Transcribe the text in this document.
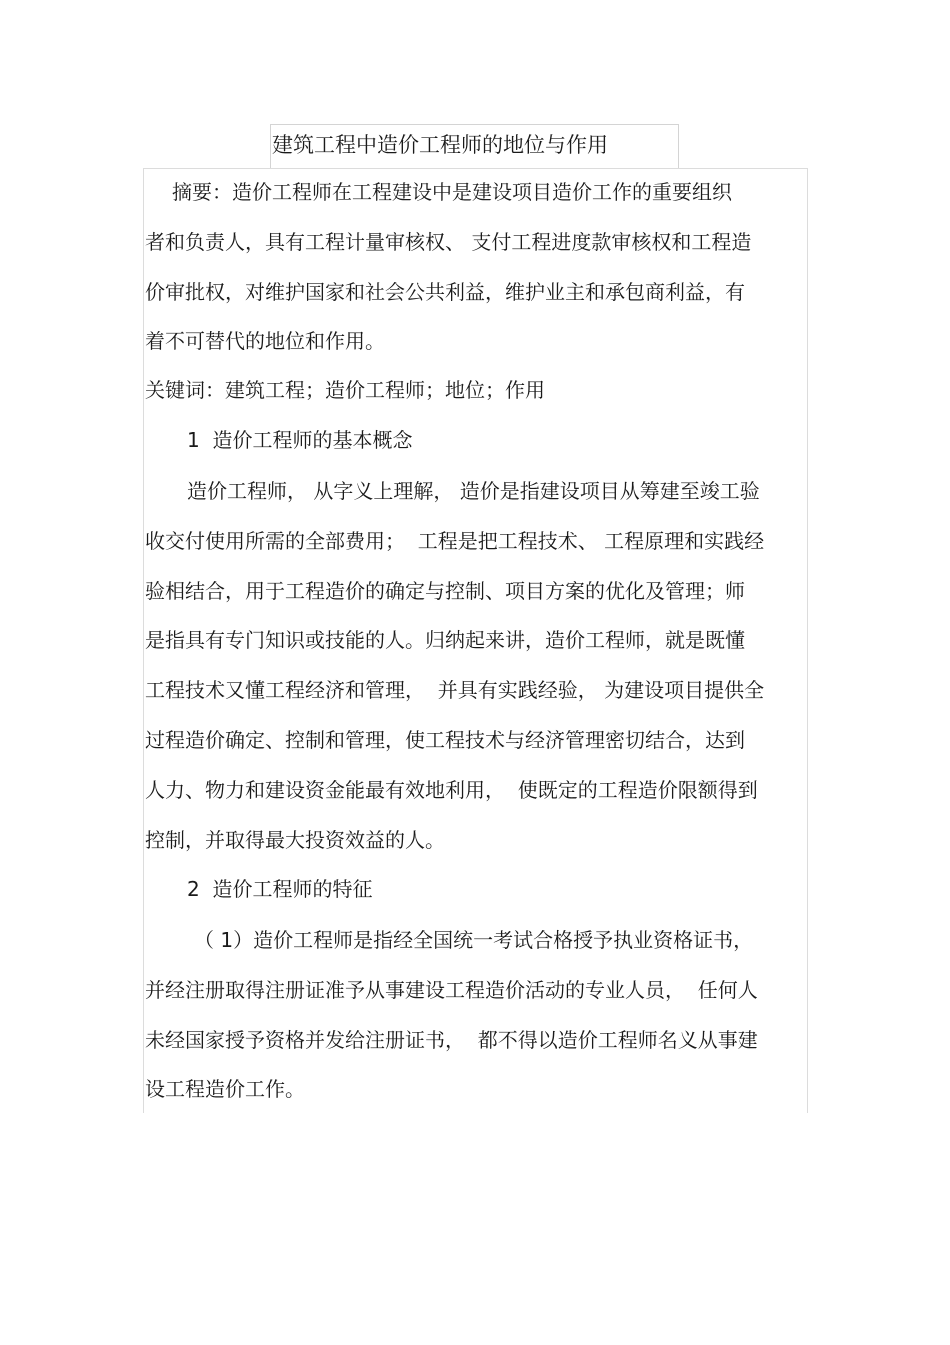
建筑工程中造价工程师的地位与作用
摘要：造价工程师在工程建设中是建设项目造价工作的重要组织
者和负责人，具有工程计量审核权、 支付工程进度款审核权和工程造
价审批权，对维护国家和社会公共利益，维护业主和承包商利益，有
着不可替代的地位和作用。
关键词：建筑工程；造价工程师；地位；作用
1  造价工程师的基本概念
造价工程师， 从字义上理解， 造价是指建设项目从筹建至竣工验
收交付使用所需的全部费用；  工程是把工程技术、 工程原理和实践经
验相结合，用于工程造价的确定与控制、项目方案的优化及管理；师
是指具有专门知识或技能的人。归纳起来讲，造价工程师，就是既懂
工程技术又懂工程经济和管理，  并具有实践经验， 为建设项目提供全
过程造价确定、控制和管理，使工程技术与经济管理密切结合，达到
人力、物力和建设资金能最有效地利用，  使既定的工程造价限额得到
控制，并取得最大投资效益的人。
2  造价工程师的特征
（ 1）造价工程师是指经全国统一考试合格授予执业资格证书，
并经注册取得注册证准予从事建设工程造价活动的专业人员，  任何人
未经国家授予资格并发给注册证书，  都不得以造价工程师名义从事建
设工程造价工作。
